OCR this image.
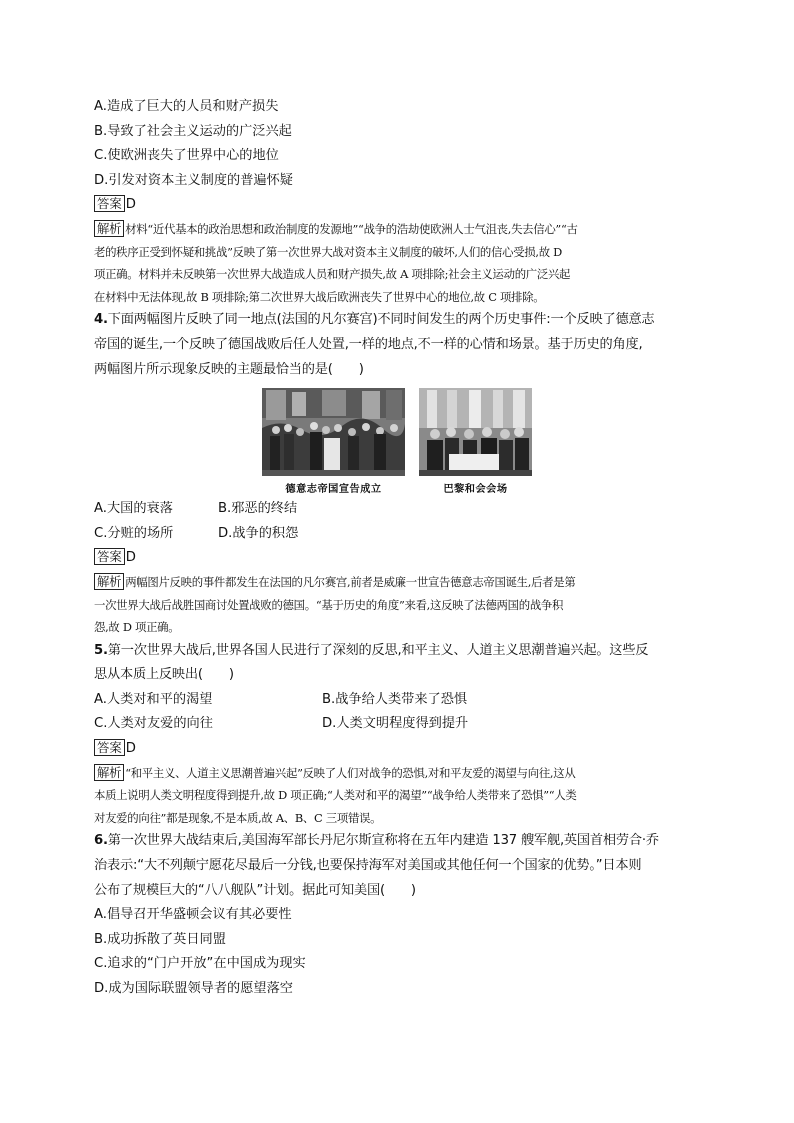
A.造成了巨大的人员和财产损失
B.导致了社会主义运动的广泛兴起
C.使欧洲丧失了世界中心的地位
D.引发对资本主义制度的普遍怀疑
答案 D
解析 材料“近代基本的政治思想和政治制度的发源地”“战争的浩劫使欧洲人士气沮丧,失去信心”“古
老的秩序正受到怀疑和挑战”反映了第一次世界大战对资本主义制度的破坏,人们的信心受损,故 D
项正确。材料并未反映第一次世界大战造成人员和财产损失,故 A 项排除;社会主义运动的广泛兴起
在材料中无法体现,故 B 项排除;第二次世界大战后欧洲丧失了世界中心的地位,故 C 项排除。
4.下面两幅图片反映了同一地点(法国的凡尔赛宫)不同时间发生的两个历史事件:一个反映了德意志
帝国的诞生,一个反映了德国战败后任人处置,一样的地点,不一样的心情和场景。基于历史的角度,
两幅图片所示现象反映的主题最恰当的是(　　)
德意志帝国宣告成立	巴黎和会会场
A.大国的衰落	B.邪恶的终结
C.分赃的场所	D.战争的积怨
答案 D
解析 两幅图片反映的事件都发生在法国的凡尔赛宫,前者是威廉一世宣告德意志帝国诞生,后者是第
一次世界大战后战胜国商讨处置战败的德国。“基于历史的角度”来看,这反映了法德两国的战争积
怨,故 D 项正确。
5.第一次世界大战后,世界各国人民进行了深刻的反思,和平主义、人道主义思潮普遍兴起。这些反
思从本质上反映出(　　)
A.人类对和平的渴望	B.战争给人类带来了恐惧
C.人类对友爱的向往	D.人类文明程度得到提升
答案 D
解析 “和平主义、人道主义思潮普遍兴起”反映了人们对战争的恐惧,对和平友爱的渴望与向往,这从
本质上说明人类文明程度得到提升,故 D 项正确;“人类对和平的渴望”“战争给人类带来了恐惧”“人类
对友爱的向往”都是现象,不是本质,故 A、B、C 三项错误。
6.第一次世界大战结束后,美国海军部长丹尼尔斯宣称将在五年内建造 137 艘军舰,英国首相劳合·乔
治表示:“大不列颠宁愿花尽最后一分钱,也要保持海军对美国或其他任何一个国家的优势。”日本则
公布了规模巨大的“八八舰队”计划。据此可知美国(　　)
A.倡导召开华盛顿会议有其必要性
B.成功拆散了英日同盟
C.追求的“门户开放”在中国成为现实
D.成为国际联盟领导者的愿望落空
